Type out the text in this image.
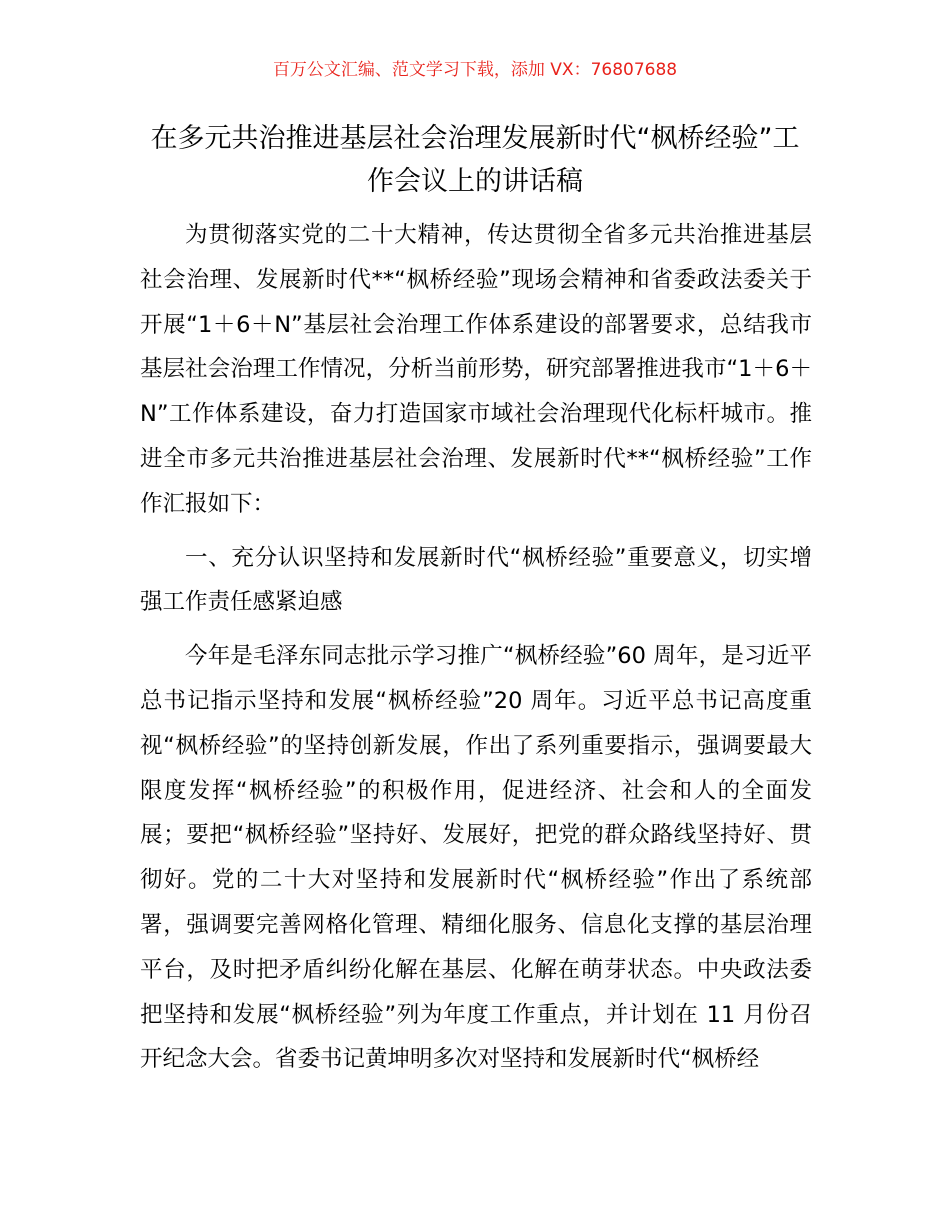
百万公文汇编、范文学习下载，添加 VX：76807688
在多元共治推进基层社会治理发展新时代“枫桥经验”工作会议上的讲话稿

为贯彻落实党的二十大精神，传达贯彻全省多元共治推进基层社会治理、发展新时代**“枫桥经验”现场会精神和省委政法委关于开展“1＋6＋N”基层社会治理工作体系建设的部署要求，总结我市基层社会治理工作情况，分析当前形势，研究部署推进我市“1＋6＋N”工作体系建设，奋力打造国家市域社会治理现代化标杆城市。推进全市多元共治推进基层社会治理、发展新时代**“枫桥经验”工作作汇报如下：

一、充分认识坚持和发展新时代“枫桥经验”重要意义，切实增强工作责任感紧迫感

今年是毛泽东同志批示学习推广“枫桥经验”60 周年，是习近平总书记指示坚持和发展“枫桥经验”20 周年。习近平总书记高度重视“枫桥经验”的坚持创新发展，作出了系列重要指示，强调要最大限度发挥“枫桥经验”的积极作用，促进经济、社会和人的全面发展；要把“枫桥经验”坚持好、发展好，把党的群众路线坚持好、贯彻好。党的二十大对坚持和发展新时代“枫桥经验”作出了系统部署，强调要完善网格化管理、精细化服务、信息化支撑的基层治理平台，及时把矛盾纠纷化解在基层、化解在萌芽状态。中央政法委把坚持和发展“枫桥经验”列为年度工作重点，并计划在 11 月份召开纪念大会。省委书记黄坤明多次对坚持和发展新时代“枫桥经
